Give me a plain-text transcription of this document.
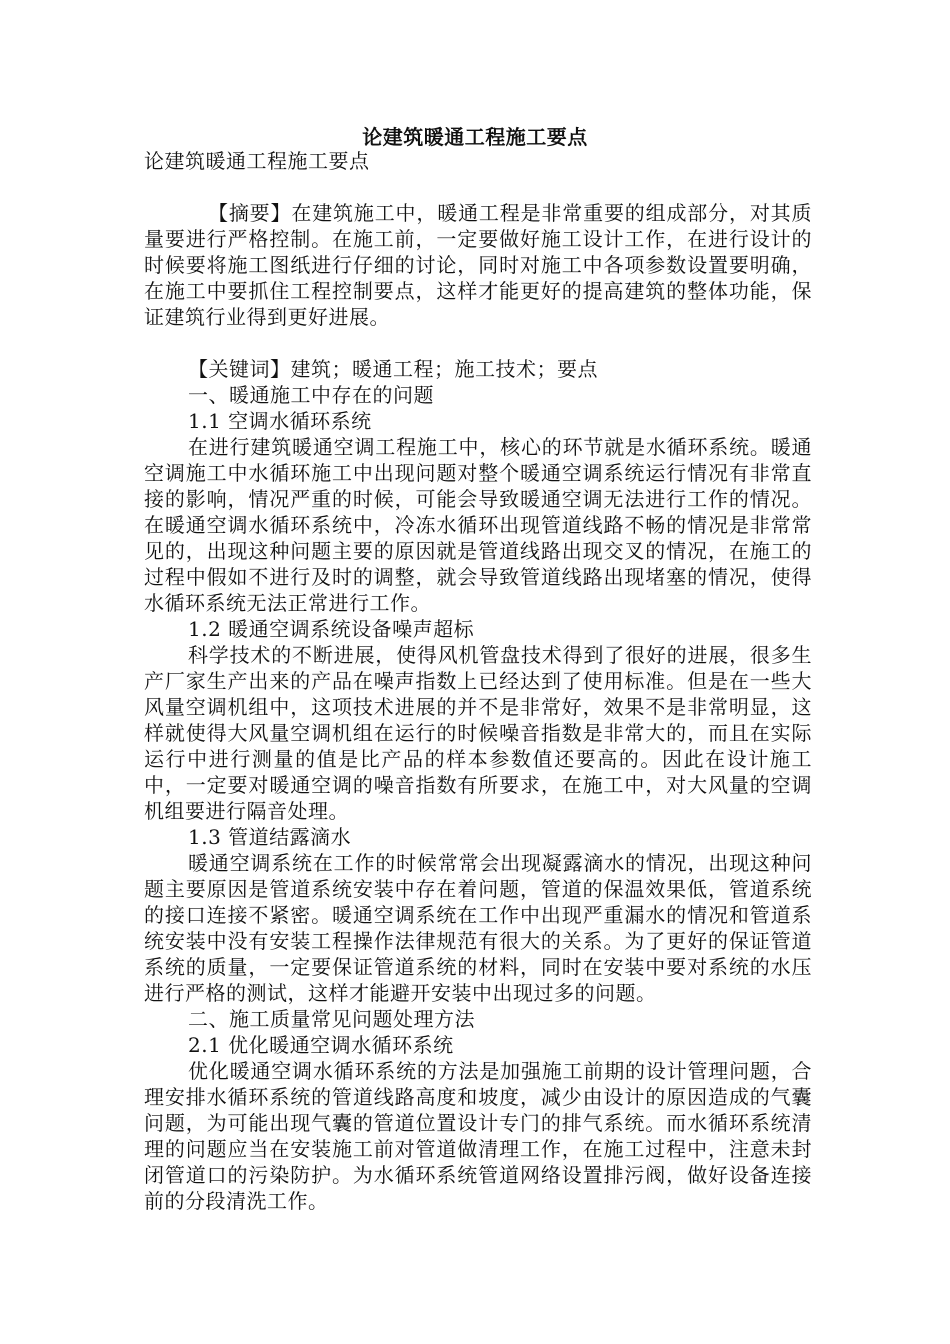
论建筑暖通工程施工要点

论建筑暖通工程施工要点

【摘要】在建筑施工中，暖通工程是非常重要的组成部分，对其质量要进行严格控制。在施工前，一定要做好施工设计工作，在进行设计的时候要将施工图纸进行仔细的讨论，同时对施工中各项参数设置要明确，在施工中要抓住工程控制要点，这样才能更好的提高建筑的整体功能，保证建筑行业得到更好进展。

【关键词】建筑；暖通工程；施工技术；要点

一、暖通施工中存在的问题

1.1 空调水循环系统

在进行建筑暖通空调工程施工中，核心的环节就是水循环系统。暖通空调施工中水循环施工中出现问题对整个暖通空调系统运行情况有非常直接的影响，情况严重的时候，可能会导致暖通空调无法进行工作的情况。在暖通空调水循环系统中，冷冻水循环出现管道线路不畅的情况是非常常见的，出现这种问题主要的原因就是管道线路出现交叉的情况，在施工的过程中假如不进行及时的调整，就会导致管道线路出现堵塞的情况，使得水循环系统无法正常进行工作。

1.2 暖通空调系统设备噪声超标

科学技术的不断进展，使得风机管盘技术得到了很好的进展，很多生产厂家生产出来的产品在噪声指数上已经达到了使用标准。但是在一些大风量空调机组中，这项技术进展的并不是非常好，效果不是非常明显，这样就使得大风量空调机组在运行的时候噪音指数是非常大的，而且在实际运行中进行测量的值是比产品的样本参数值还要高的。因此在设计施工中，一定要对暖通空调的噪音指数有所要求，在施工中，对大风量的空调机组要进行隔音处理。

1.3 管道结露滴水

暖通空调系统在工作的时候常常会出现凝露滴水的情况，出现这种问题主要原因是管道系统安装中存在着问题，管道的保温效果低，管道系统的接口连接不紧密。暖通空调系统在工作中出现严重漏水的情况和管道系统安装中没有安装工程操作法律规范有很大的关系。为了更好的保证管道系统的质量，一定要保证管道系统的材料，同时在安装中要对系统的水压进行严格的测试，这样才能避开安装中出现过多的问题。

二、施工质量常见问题处理方法

2.1 优化暖通空调水循环系统

优化暖通空调水循环系统的方法是加强施工前期的设计管理问题，合理安排水循环系统的管道线路高度和坡度，减少由设计的原因造成的气囊问题，为可能出现气囊的管道位置设计专门的排气系统。而水循环系统清理的问题应当在安装施工前对管道做清理工作，在施工过程中，注意未封闭管道口的污染防护。为水循环系统管道网络设置排污阀，做好设备连接前的分段清洗工作。
